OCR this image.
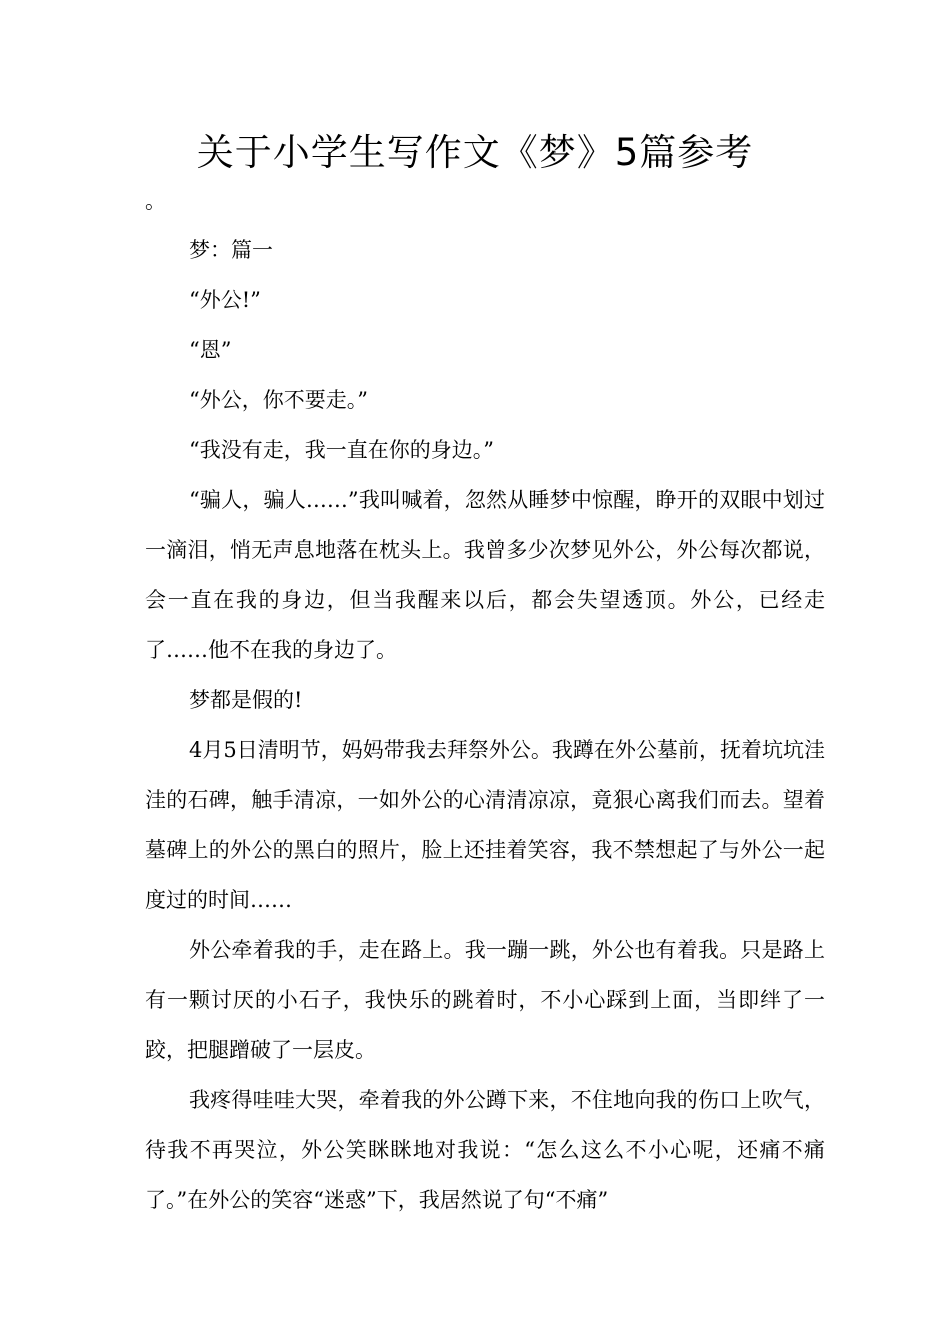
关于小学生写作文《梦》5篇参考

。

梦：篇一

“外公!”

“恩”

“外公，你不要走。”

“我没有走，我一直在你的身边。”

“骗人，骗人……”我叫喊着，忽然从睡梦中惊醒，睁开的双眼中划过一滴泪，悄无声息地落在枕头上。我曾多少次梦见外公，外公每次都说，会一直在我的身边，但当我醒来以后，都会失望透顶。外公，已经走了……他不在我的身边了。

梦都是假的!

4月5日清明节，妈妈带我去拜祭外公。我蹲在外公墓前，抚着坑坑洼洼的石碑，触手清凉，一如外公的心清清凉凉，竟狠心离我们而去。望着墓碑上的外公的黑白的照片，脸上还挂着笑容，我不禁想起了与外公一起度过的时间……

外公牵着我的手，走在路上。我一蹦一跳，外公也有着我。只是路上有一颗讨厌的小石子，我快乐的跳着时，不小心踩到上面，当即绊了一跤，把腿蹭破了一层皮。

我疼得哇哇大哭，牵着我的外公蹲下来，不住地向我的伤口上吹气，待我不再哭泣，外公笑眯眯地对我说：“怎么这么不小心呢，还痛不痛了。”在外公的笑容“迷惑”下，我居然说了句“不痛”
